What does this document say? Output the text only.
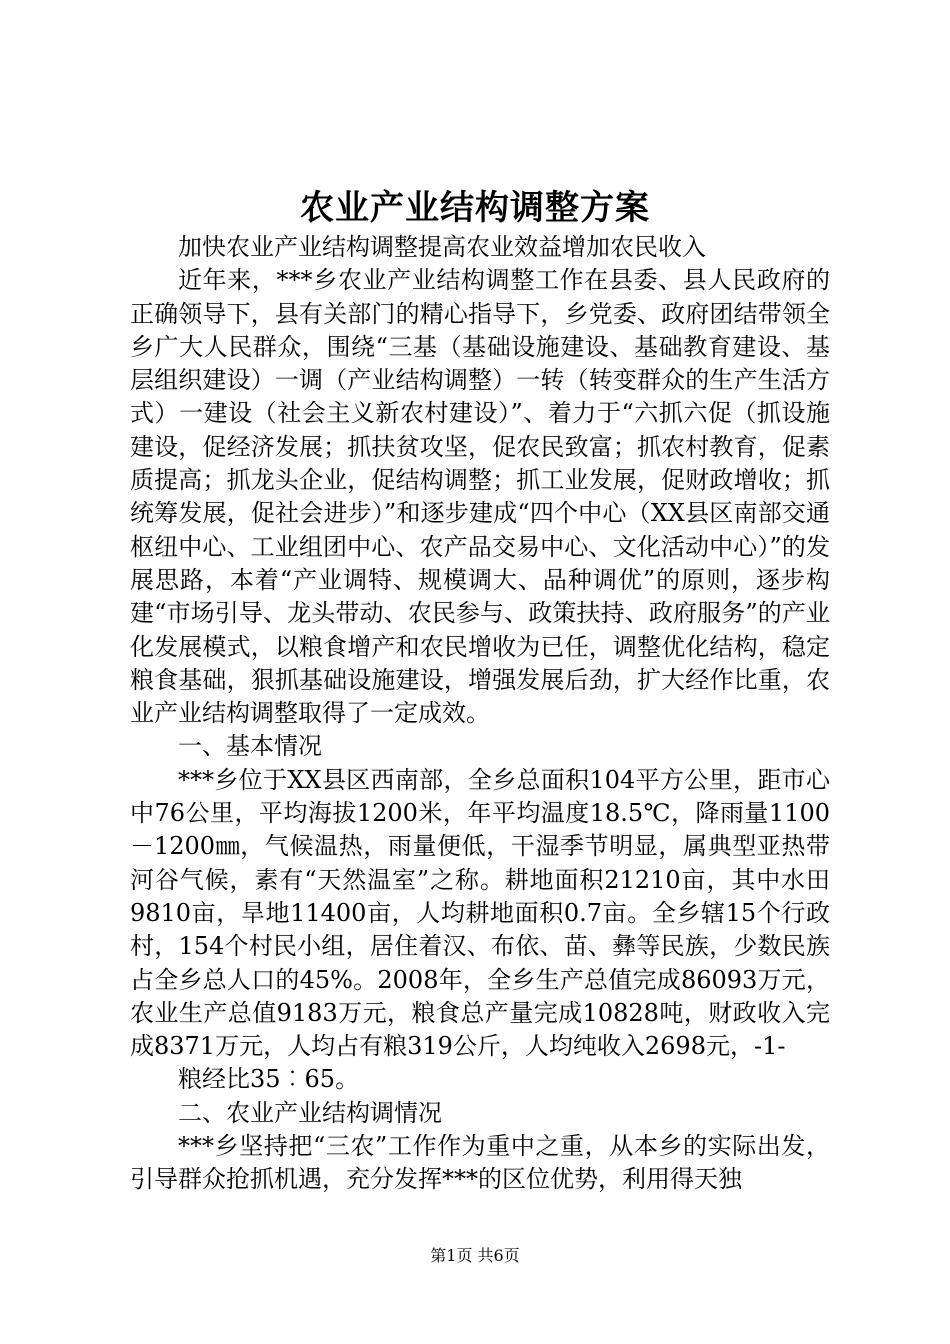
农业产业结构调整方案

加快农业产业结构调整提高农业效益增加农民收入

近年来，***乡农业产业结构调整工作在县委、县人民政府的正确领导下，县有关部门的精心指导下，乡党委、政府团结带领全乡广大人民群众，围绕“三基（基础设施建设、基础教育建设、基层组织建设）一调（产业结构调整）一转（转变群众的生产生活方式）一建设（社会主义新农村建设）”、着力于“六抓六促（抓设施建设，促经济发展；抓扶贫攻坚，促农民致富；抓农村教育，促素质提高；抓龙头企业，促结构调整；抓工业发展，促财政增收；抓统筹发展，促社会进步）”和逐步建成“四个中心（XX县区南部交通枢纽中心、工业组团中心、农产品交易中心、文化活动中心）”的发展思路，本着“产业调特、规模调大、品种调优”的原则，逐步构建“市场引导、龙头带动、农民参与、政策扶持、政府服务”的产业化发展模式，以粮食增产和农民增收为已任，调整优化结构，稳定粮食基础，狠抓基础设施建设，增强发展后劲，扩大经作比重，农业产业结构调整取得了一定成效。

一、基本情况

***乡位于XX县区西南部，全乡总面积104平方公里，距市心中76公里，平均海拔1200米，年平均温度18.5℃，降雨量1100－1200㎜，气候温热，雨量便低，干湿季节明显，属典型亚热带河谷气候，素有“天然温室”之称。耕地面积21210亩，其中水田9810亩，旱地11400亩，人均耕地面积0.7亩。全乡辖15个行政村，154个村民小组，居住着汉、布依、苗、彝等民族，少数民族占全乡总人口的45%。2008年，全乡生产总值完成86093万元，农业生产总值9183万元，粮食总产量完成10828吨，财政收入完成8371万元，人均占有粮319公斤，人均纯收入2698元，-1-

粮经比35︰65。

二、农业产业结构调情况

***乡坚持把“三农”工作作为重中之重，从本乡的实际出发，引导群众抢抓机遇，充分发挥***的区位优势，利用得天独

第1页 共6页
